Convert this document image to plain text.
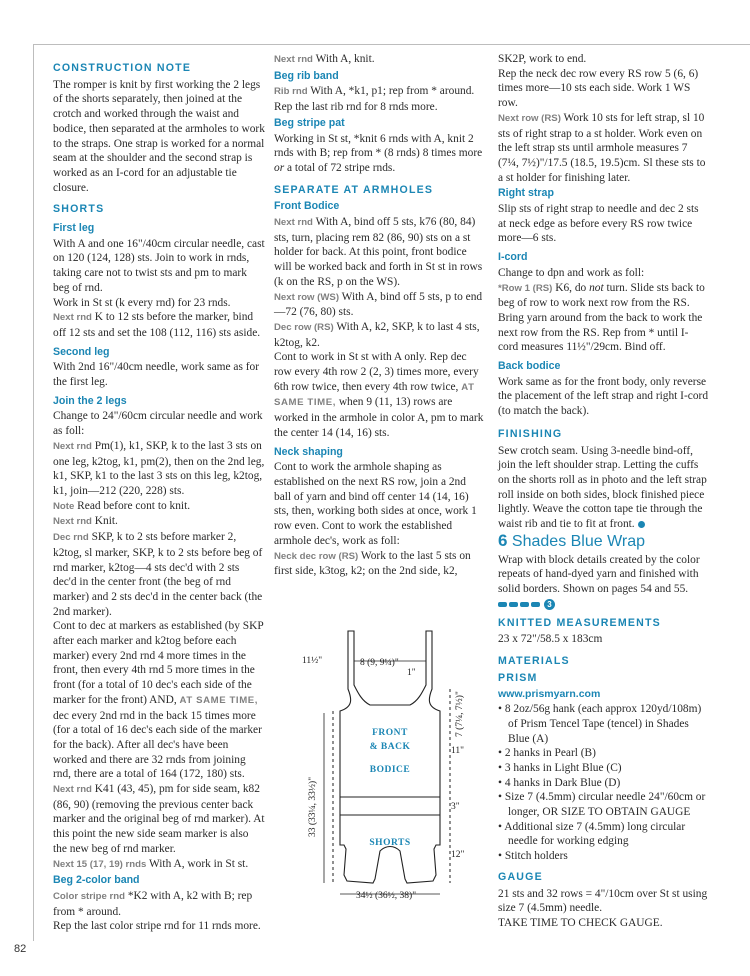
CONSTRUCTION NOTE

The romper is knit by first working the 2 legs of the shorts separately, then joined at the crotch and worked through the waist and bodice, then separated at the armholes to work to the straps. One strap is worked for a normal seam at the shoulder and the second strap is worked as an I-cord for an adjustable tie closure.

SHORTS
First leg

With A and one 16"/40cm circular needle, cast on 120 (124, 128) sts. Join to work in rnds, taking care not to twist sts and pm to mark beg of rnd.

Work in St st (k every rnd) for 23 rnds.

Next rnd K to 12 sts before the marker, bind off 12 sts and set the 108 (112, 116) sts aside.

Second leg

With 2nd 16"/40cm needle, work same as for the first leg.

Join the 2 legs

Change to 24"/60cm circular needle and work as foll:

Next rnd Pm(1), k1, SKP, k to the last 3 sts on one leg, k2tog, k1, pm(2), then on the 2nd leg, k1, SKP, k1 to the last 3 sts on this leg, k2tog, k1, join—212 (220, 228) sts.

Note Read before cont to knit.

Next rnd Knit.

Dec rnd SKP, k to 2 sts before marker 2, k2tog, sl marker, SKP, k to 2 sts before beg of rnd marker, k2tog—4 sts dec'd with 2 sts dec'd in the center front (the beg of rnd marker) and 2 sts dec'd in the center back (the 2nd marker).

Cont to dec at markers as established (by SKP after each marker and k2tog before each marker) every 2nd rnd 4 more times in the front, then every 4th rnd 5 more times in the front (for a total of 10 dec's each side of the marker for the front) AND, AT SAME TIME, dec every 2nd rnd in the back 15 times more (for a total of 16 dec's each side of the marker for the back). After all dec's have been worked and there are 32 rnds from joining rnd, there are a total of 164 (172, 180) sts.

Next rnd K41 (43, 45), pm for side seam, k82 (86, 90) (removing the previous center back marker and the original beg of rnd marker). At this point the new side seam marker is also the new beg of rnd marker.

Next 15 (17, 19) rnds With A, work in St st.

Beg 2-color band

Color stripe rnd *K2 with A, k2 with B; rep from * around.

Rep the last color stripe rnd for 11 rnds more.

Next rnd With A, knit.

Beg rib band

Rib rnd With A, *k1, p1; rep from * around. Rep the last rib rnd for 8 rnds more.

Beg stripe pat

Working in St st, *knit 6 rnds with A, knit 2 rnds with B; rep from * (8 rnds) 8 times more or a total of 72 stripe rnds.

SEPARATE AT ARMHOLES
Front Bodice

Next rnd With A, bind off 5 sts, k76 (80, 84) sts, turn, placing rem 82 (86, 90) sts on a st holder for back. At this point, front bodice will be worked back and forth in St st in rows (k on the RS, p on the WS).

Next row (WS) With A, bind off 5 sts, p to end—72 (76, 80) sts.

Dec row (RS) With A, k2, SKP, k to last 4 sts, k2tog, k2.

Cont to work in St st with A only. Rep dec row every 4th row 2 (2, 3) times more, every 6th row twice, then every 4th row twice, AT SAME TIME, when 9 (11, 13) rows are worked in the armhole in color A, pm to mark the center 14 (14, 16) sts.

Neck shaping

Cont to work the armhole shaping as established on the next RS row, join a 2nd ball of yarn and bind off center 14 (14, 16) sts, then, working both sides at once, work 1 row even. Cont to work the established armhole dec's, work as foll:

Neck dec row (RS) Work to the last 5 sts on first side, k3tog, k2; on the 2nd side, k2,

11½"	8 (9, 9¼)"
1"
7 (7¼, 7½)"
33 (33¼, 33½)"
11"
3"
12"
34½ (36½, 38)"
FRONT
& BACK
BODICE
SHORTS

SK2P, work to end.

Rep the neck dec row every RS row 5 (6, 6) times more—10 sts each side. Work 1 WS row.

Next row (RS) Work 10 sts for left strap, sl 10 sts of right strap to a st holder. Work even on the left strap sts until armhole measures 7 (7¼, 7½)"/17.5 (18.5, 19.5)cm. Sl these sts to a st holder for finishing later.

Right strap

Slip sts of right strap to needle and dec 2 sts at neck edge as before every RS row twice more—6 sts.

I-cord

Change to dpn and work as foll:

*Row 1 (RS) K6, do not turn. Slide sts back to beg of row to work next row from the RS. Bring yarn around from the back to work the next row from the RS. Rep from * until I-cord measures 11½"/29cm. Bind off.

Back bodice

Work same as for the front body, only reverse the placement of the left strap and right I-cord (to match the back).

FINISHING

Sew crotch seam. Using 3-needle bind-off, join the left shoulder strap. Letting the cuffs on the shorts roll as in photo and the left strap roll inside on both sides, block finished piece lightly. Weave the cotton tape tie through the waist rib and tie to fit at front.

6 Shades Blue Wrap

Wrap with block details created by the color repeats of hand-dyed yarn and finished with solid borders. Shown on pages 54 and 55.

3
KNITTED MEASUREMENTS

23 x 72"/58.5 x 183cm

MATERIALS
PRISM
www.prismyarn.com

• 8 2oz/56g hank (each approx 120yd/108m) of Prism Tencel Tape (tencel) in Shades Blue (A)

• 2 hanks in Pearl (B)

• 3 hanks in Light Blue (C)

• 4 hanks in Dark Blue (D)

• Size 7 (4.5mm) circular needle 24"/60cm or longer, OR SIZE TO OBTAIN GAUGE

• Additional size 7 (4.5mm) long circular needle for working edging

• Stitch holders

GAUGE

21 sts and 32 rows = 4"/10cm over St st using size 7 (4.5mm) needle.

TAKE TIME TO CHECK GAUGE.

82
